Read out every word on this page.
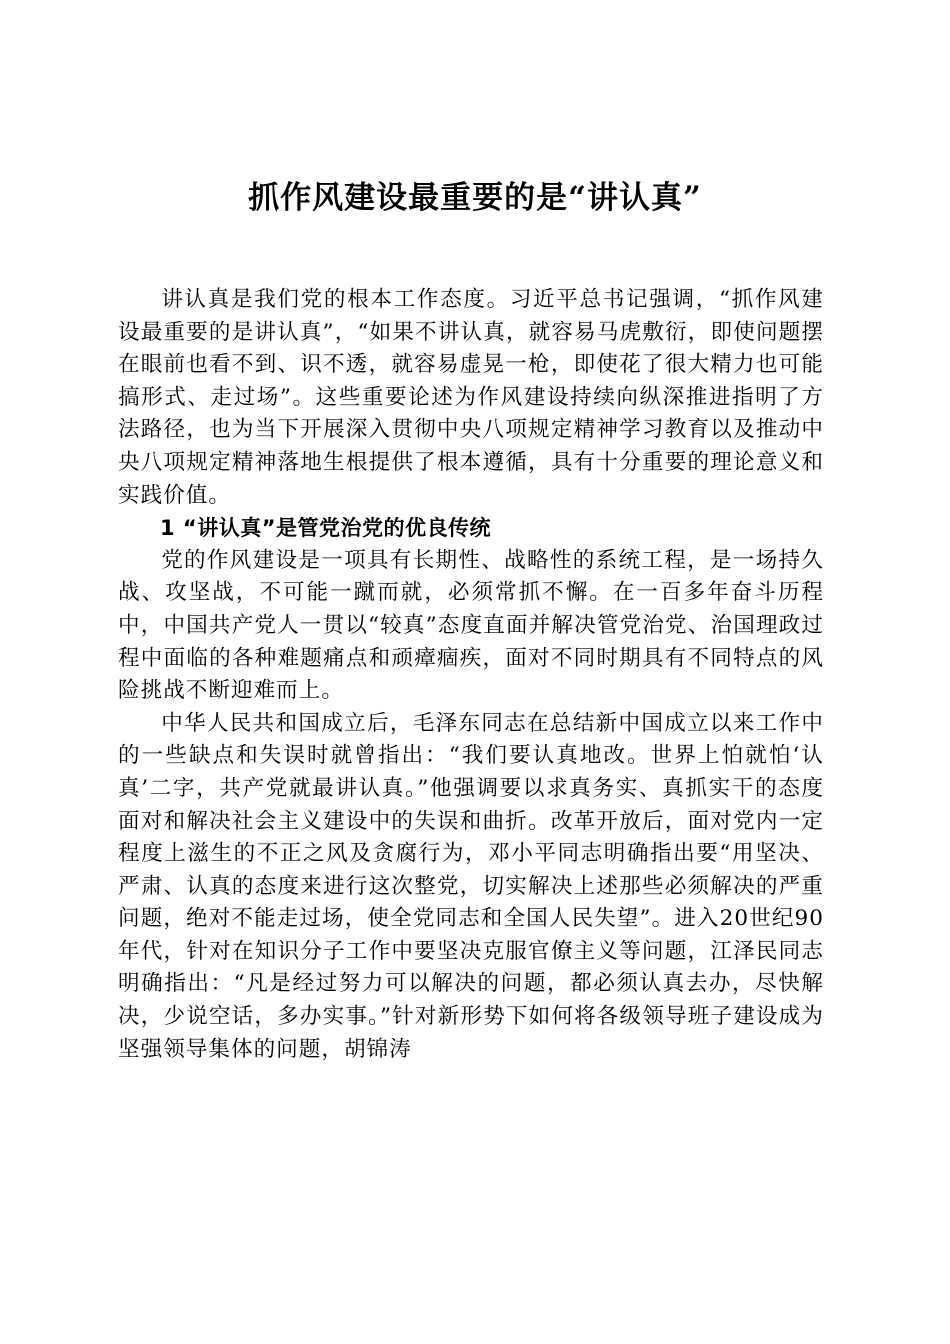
抓作风建设最重要的是“讲认真”

讲认真是我们党的根本工作态度。习近平总书记强调，“抓作风建设最重要的是讲认真”，“如果不讲认真，就容易马虎敷衍，即使问题摆在眼前也看不到、识不透，就容易虚晃一枪，即使花了很大精力也可能搞形式、走过场”。这些重要论述为作风建设持续向纵深推进指明了方法路径，也为当下开展深入贯彻中央八项规定精神学习教育以及推动中央八项规定精神落地生根提供了根本遵循，具有十分重要的理论意义和实践价值。

1 “讲认真”是管党治党的优良传统

党的作风建设是一项具有长期性、战略性的系统工程，是一场持久战、攻坚战，不可能一蹴而就，必须常抓不懈。在一百多年奋斗历程中，中国共产党人一贯以“较真”态度直面并解决管党治党、治国理政过程中面临的各种难题痛点和顽瘴痼疾，面对不同时期具有不同特点的风险挑战不断迎难而上。

中华人民共和国成立后，毛泽东同志在总结新中国成立以来工作中的一些缺点和失误时就曾指出：“我们要认真地改。世界上怕就怕‘认真’二字，共产党就最讲认真。”他强调要以求真务实、真抓实干的态度面对和解决社会主义建设中的失误和曲折。改革开放后，面对党内一定程度上滋生的不正之风及贪腐行为，邓小平同志明确指出要“用坚决、严肃、认真的态度来进行这次整党，切实解决上述那些必须解决的严重问题，绝对不能走过场，使全党同志和全国人民失望”。进入20世纪90年代，针对在知识分子工作中要坚决克服官僚主义等问题，江泽民同志明确指出：“凡是经过努力可以解决的问题，都必须认真去办，尽快解决，少说空话，多办实事。”针对新形势下如何将各级领导班子建设成为坚强领导集体的问题，胡锦涛
